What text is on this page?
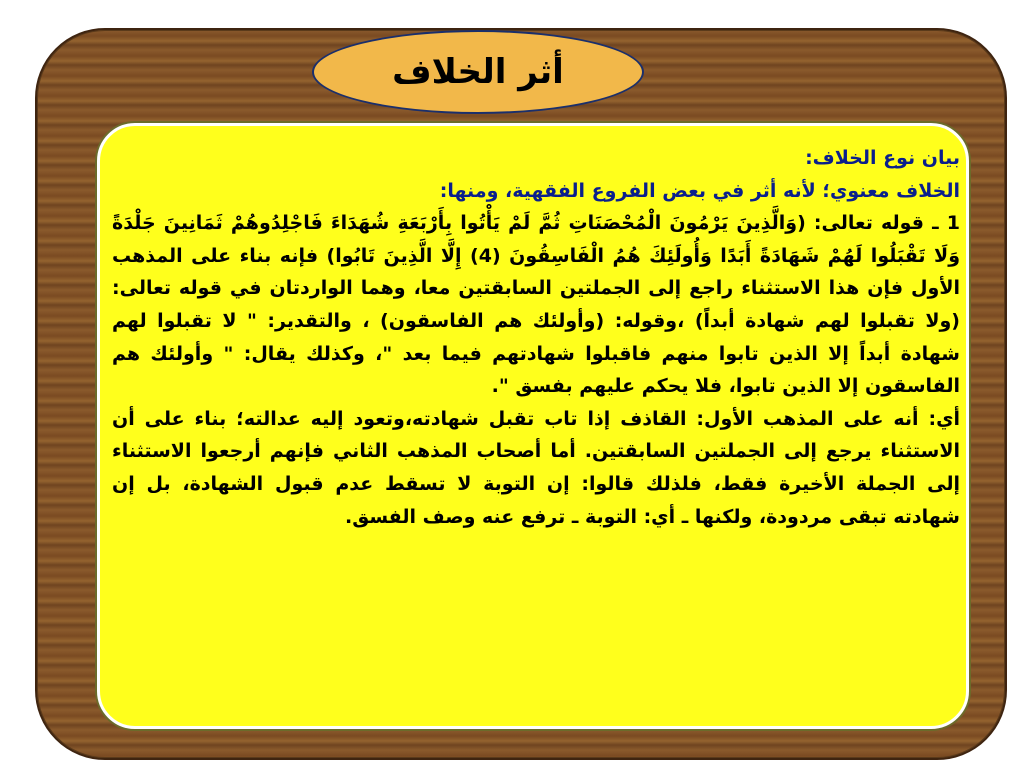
أثر الخلاف

بيان نوع الخلاف:

الخلاف معنوي؛ لأنه أثر في بعض الفروع الفقهية، ومنها:

1 ـ قوله تعالى: (وَالَّذِينَ يَرْمُونَ الْمُحْصَنَاتِ ثُمَّ لَمْ يَأْتُوا بِأَرْبَعَةِ شُهَدَاءَ فَاجْلِدُوهُمْ ثَمَانِينَ جَلْدَةً وَلَا تَقْبَلُوا لَهُمْ شَهَادَةً أَبَدًا وَأُولَئِكَ هُمُ الْفَاسِقُونَ (4) إِلَّا الَّذِينَ تَابُوا) فإنه بناء على المذهب الأول فإن هذا الاستثناء راجع إلى الجملتين السابقتين معا، وهما الواردتان في قوله تعالى: (ولا تقبلوا لهم شهادة أبداً) ،وقوله: (وأولئك هم الفاسقون) ، والتقدير: " لا تقبلوا لهم شهادة أبداً إلا الذين تابوا منهم فاقبلوا شهادتهم فيما بعد "، وكذلك يقال: " وأولئك هم الفاسقون إلا الذين تابوا، فلا يحكم عليهم بفسق ".

أي: أنه على المذهب الأول: القاذف إذا تاب تقبل شهادته،وتعود إليه عدالته؛ بناء على أن الاستثناء يرجع إلى الجملتين السابقتين. أما أصحاب المذهب الثاني فإنهم أرجعوا الاستثناء إلى الجملة الأخيرة فقط، فلذلك قالوا: إن التوبة لا تسقط عدم قبول الشهادة، بل إن شهادته تبقى مردودة، ولكنها ـ أي: التوبة ـ ترفع عنه وصف الفسق.
